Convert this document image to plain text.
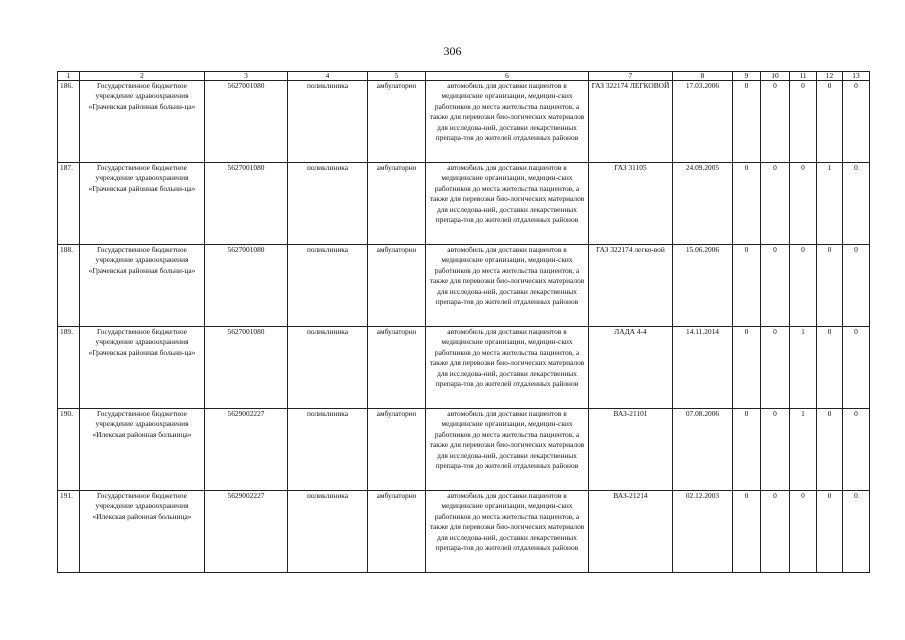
306
1	2	3	4	5	6	7	8	9	10	11	12	13
186.	Государственное бюджетное учреждение здравоохранения «Грачевская районная больни-ца»	5627001080	поликлиника	амбулаторно	автомобиль для доставки пациентов в медицинские организации, медицин-ских работников до места жительства пациентов, а также для перевозки био-логических материалов для исследова-ний, доставки лекарственных препара-тов до жителей отдаленных районов	ГАЗ 322174 ЛЕГКОВОЙ	17.03.2006	0	0	0	0	0
187.	Государственное бюджетное учреждение здравоохранения «Грачевская районная больни-ца»	5627001080	поликлиника	амбулаторно	автомобиль для доставки пациентов в медицинские организации, медицин-ских работников до места жительства пациентов, а также для перевозки био-логических материалов для исследова-ний, доставки лекарственных препара-тов до жителей отдаленных районов	ГАЗ 31105	24.09.2005	0	0	0	1	0
188.	Государственное бюджетное учреждение здравоохранения «Грачевская районная больни-ца»	5627001080	поликлиника	амбулаторно	автомобиль для доставки пациентов в медицинские организации, медицин-ских работников до места жительства пациентов, а также для перевозки био-логических материалов для исследова-ний, доставки лекарственных препара-тов до жителей отдаленных районов	ГАЗ 322174 легко-вой	15.06.2006	0	0	0	0	0
189.	Государственное бюджетное учреждение здравоохранения «Грачевская районная больни-ца»	5627001080	поликлиника	амбулаторно	автомобиль для доставки пациентов в медицинские организации, медицин-ских работников до места жительства пациентов, а также для перевозки био-логических материалов для исследова-ний, доставки лекарственных препара-тов до жителей отдаленных районов	ЛАДА 4-4	14.11.2014	0	0	1	0	0
190.	Государственное бюджетное учреждение здравоохранения «Илекская районная больница»	5629002227	поликлиника	амбулаторно	автомобиль для доставки пациентов в медицинские организации, медицин-ских работников до места жительства пациентов, а также для перевозки био-логических материалов для исследова-ний, доставки лекарственных препара-тов до жителей отдаленных районов	ВАЗ-21101	07.08.2006	0	0	1	0	0
191.	Государственное бюджетное учреждение здравоохранения «Илекская районная больница»	5629002227	поликлиника	амбулаторно	автомобиль для доставки пациентов в медицинские организации, медицин-ских работников до места жительства пациентов, а также для перевозки био-логических материалов для исследова-ний, доставки лекарственных препара-тов до жителей отдаленных районов	ВАЗ-21214	02.12.2003	0	0	0	0	0
